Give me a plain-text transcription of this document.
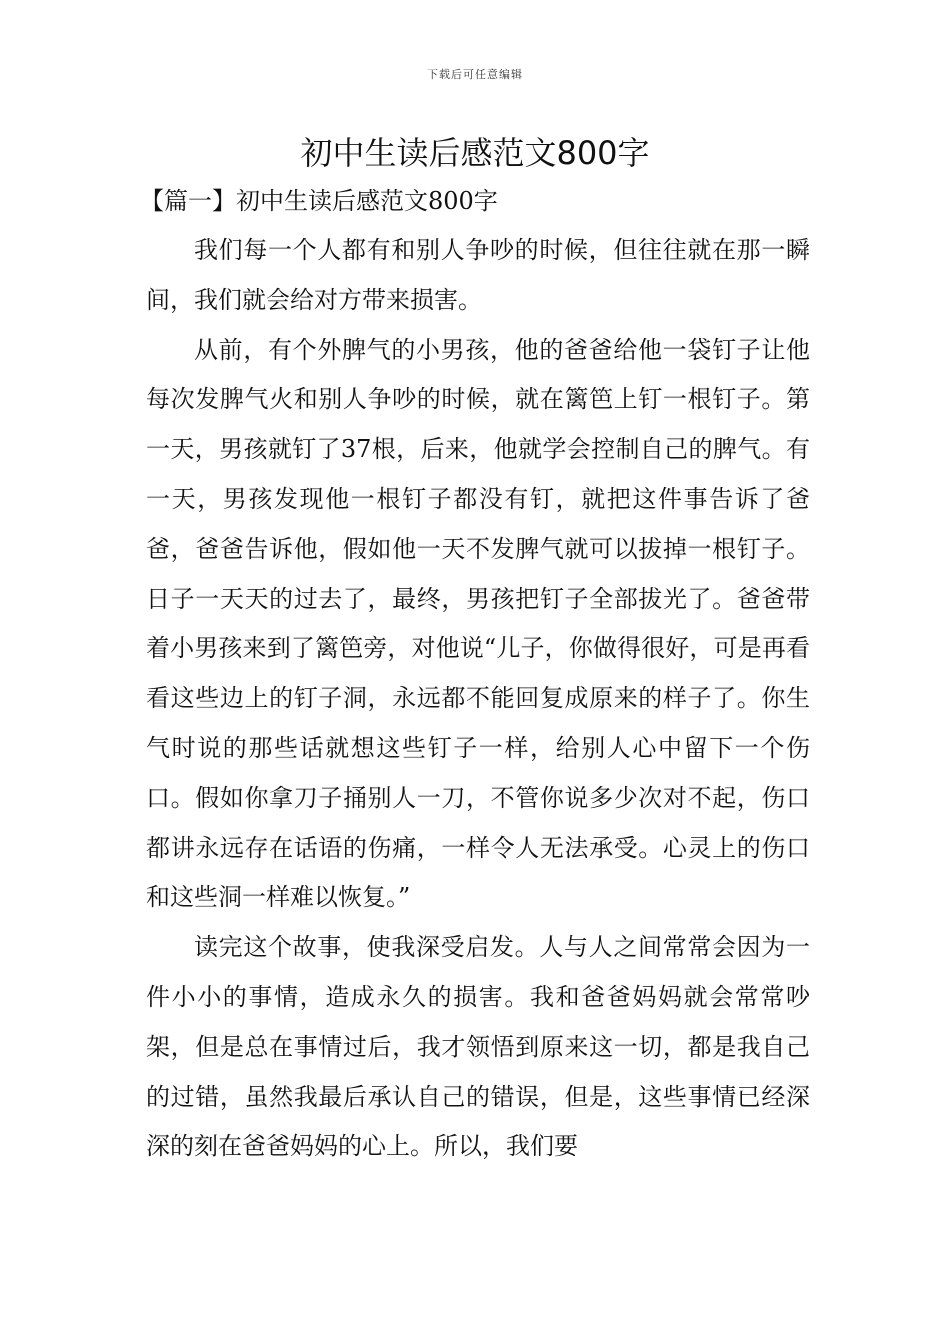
下载后可任意编辑
初中生读后感范文800字
【篇一】初中生读后感范文800字

我们每一个人都有和别人争吵的时候，但往往就在那一瞬间，我们就会给对方带来损害。

从前，有个外脾气的小男孩，他的爸爸给他一袋钉子让他每次发脾气火和别人争吵的时候，就在篱笆上钉一根钉子。第一天，男孩就钉了37根，后来，他就学会控制自己的脾气。有一天，男孩发现他一根钉子都没有钉，就把这件事告诉了爸爸，爸爸告诉他，假如他一天不发脾气就可以拔掉一根钉子。日子一天天的过去了，最终，男孩把钉子全部拔光了。爸爸带着小男孩来到了篱笆旁，对他说“儿子，你做得很好，可是再看看这些边上的钉子洞，永远都不能回复成原来的样子了。你生气时说的那些话就想这些钉子一样，给别人心中留下一个伤口。假如你拿刀子捅别人一刀，不管你说多少次对不起，伤口都讲永远存在话语的伤痛，一样令人无法承受。心灵上的伤口和这些洞一样难以恢复。”

读完这个故事，使我深受启发。人与人之间常常会因为一件小小的事情，造成永久的损害。我和爸爸妈妈就会常常吵架，但是总在事情过后，我才领悟到原来这一切，都是我自己的过错，虽然我最后承认自己的错误，但是，这些事情已经深深的刻在爸爸妈妈的心上。所以，我们要
